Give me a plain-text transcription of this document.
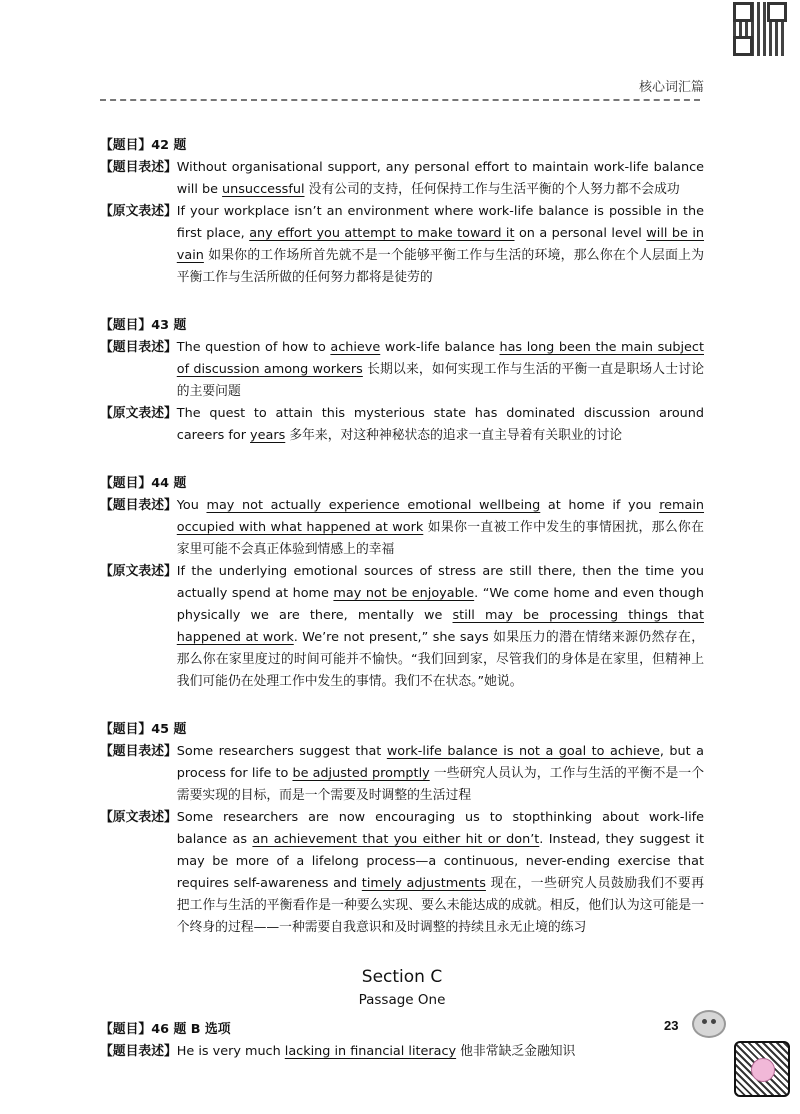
核心词汇篇
【题目】42 题
【题目表述】 Without organisational support, any personal effort to maintain work-life balance will be unsuccessful 没有公司的支持，任何保持工作与生活平衡的个人努力都不会成功
【原文表述】 If your workplace isn’t an environment where work-life balance is possible in the first place, any effort you attempt to make toward it on a personal level will be in vain 如果你的工作场所首先就不是一个能够平衡工作与生活的环境，那么你在个人层面上为平衡工作与生活所做的任何努力都将是徒劳的
【题目】43 题
【题目表述】 The question of how to achieve work-life balance has long been the main subject of discussion among workers 长期以来，如何实现工作与生活的平衡一直是职场人士讨论的主要问题
【原文表述】 The quest to attain this mysterious state has dominated discussion around careers for years 多年来，对这种神秘状态的追求一直主导着有关职业的讨论
【题目】44 题
【题目表述】 You may not actually experience emotional wellbeing at home if you remain occupied with what happened at work 如果你一直被工作中发生的事情困扰，那么你在家里可能不会真正体验到情感上的幸福
【原文表述】 If the underlying emotional sources of stress are still there, then the time you actually spend at home may not be enjoyable. “We come home and even though physically we are there, mentally we still may be processing things that happened at work. We’re not present,” she says 如果压力的潜在情绪来源仍然存在，那么你在家里度过的时间可能并不愉快。“我们回到家，尽管我们的身体是在家里，但精神上我们可能仍在处理工作中发生的事情。我们不在状态。”她说。
【题目】45 题
【题目表述】 Some researchers suggest that work-life balance is not a goal to achieve, but a process for life to be adjusted promptly 一些研究人员认为，工作与生活的平衡不是一个需要实现的目标，而是一个需要及时调整的生活过程
【原文表述】 Some researchers are now encouraging us to stopthinking about work-life balance as an achievement that you either hit or don’t. Instead, they suggest it may be more of a lifelong process—a continuous, never-ending exercise that requires self-awareness and timely adjustments 现在，一些研究人员鼓励我们不要再把工作与生活的平衡看作是一种要么实现、要么未能达成的成就。相反，他们认为这可能是一个终身的过程——一种需要自我意识和及时调整的持续且永无止境的练习
Section C
Passage One
【题目】46 题 B 选项
【题目表述】 He is very much lacking in financial literacy 他非常缺乏金融知识
23
